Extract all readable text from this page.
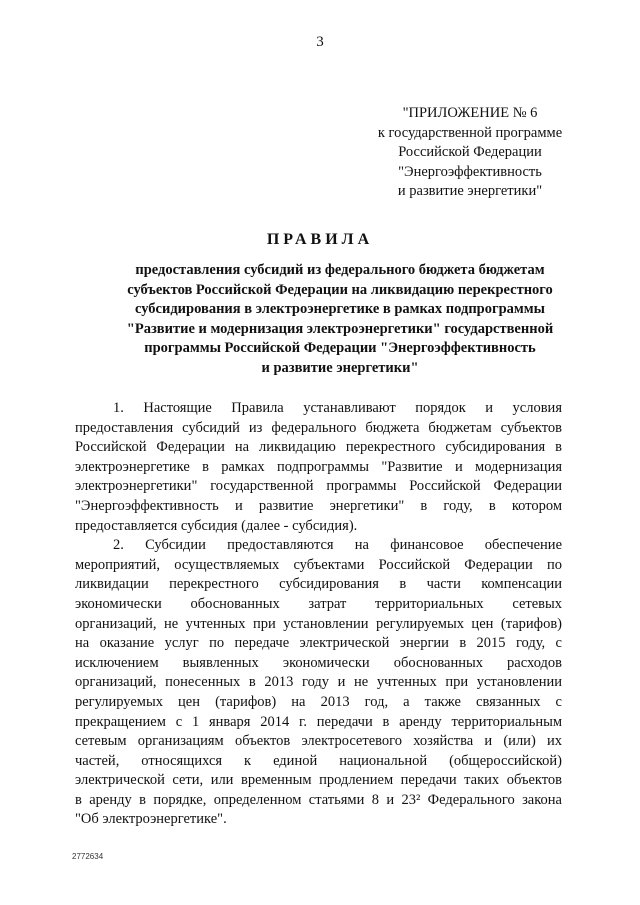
3
"ПРИЛОЖЕНИЕ № 6
к государственной программе
Российской Федерации
"Энергоэффективность
и развитие энергетики"
ПРАВИЛА
предоставления субсидий из федерального бюджета бюджетам
субъектов Российской Федерации на ликвидацию перекрестного
субсидирования в электроэнергетике в рамках подпрограммы
"Развитие и модернизация электроэнергетики" государственной
программы Российской Федерации "Энергоэффективность
и развитие энергетики"
1. Настоящие Правила устанавливают порядок и условия
предоставления субсидий из федерального бюджета бюджетам субъектов
Российской Федерации на ликвидацию перекрестного субсидирования в
электроэнергетике в рамках подпрограммы "Развитие и модернизация
электроэнергетики" государственной программы Российской Федерации
"Энергоэффективность и развитие энергетики" в году, в котором
предоставляется субсидия (далее - субсидия).
2. Субсидии предоставляются на финансовое обеспечение
мероприятий, осуществляемых субъектами Российской Федерации по
ликвидации перекрестного субсидирования в части компенсации
экономически обоснованных затрат территориальных сетевых
организаций, не учтенных при установлении регулируемых цен (тарифов)
на оказание услуг по передаче электрической энергии в 2015 году, с
исключением выявленных экономически обоснованных расходов
организаций, понесенных в 2013 году и не учтенных при установлении
регулируемых цен (тарифов) на 2013 год, а также связанных с
прекращением с 1 января 2014 г. передачи в аренду территориальным
сетевым организациям объектов электросетевого хозяйства и (или) их
частей, относящихся к единой национальной (общероссийской)
электрической сети, или временным продлением передачи таких объектов
в аренду в порядке, определенном статьями 8 и 23² Федерального закона
"Об электроэнергетике".
2772634
